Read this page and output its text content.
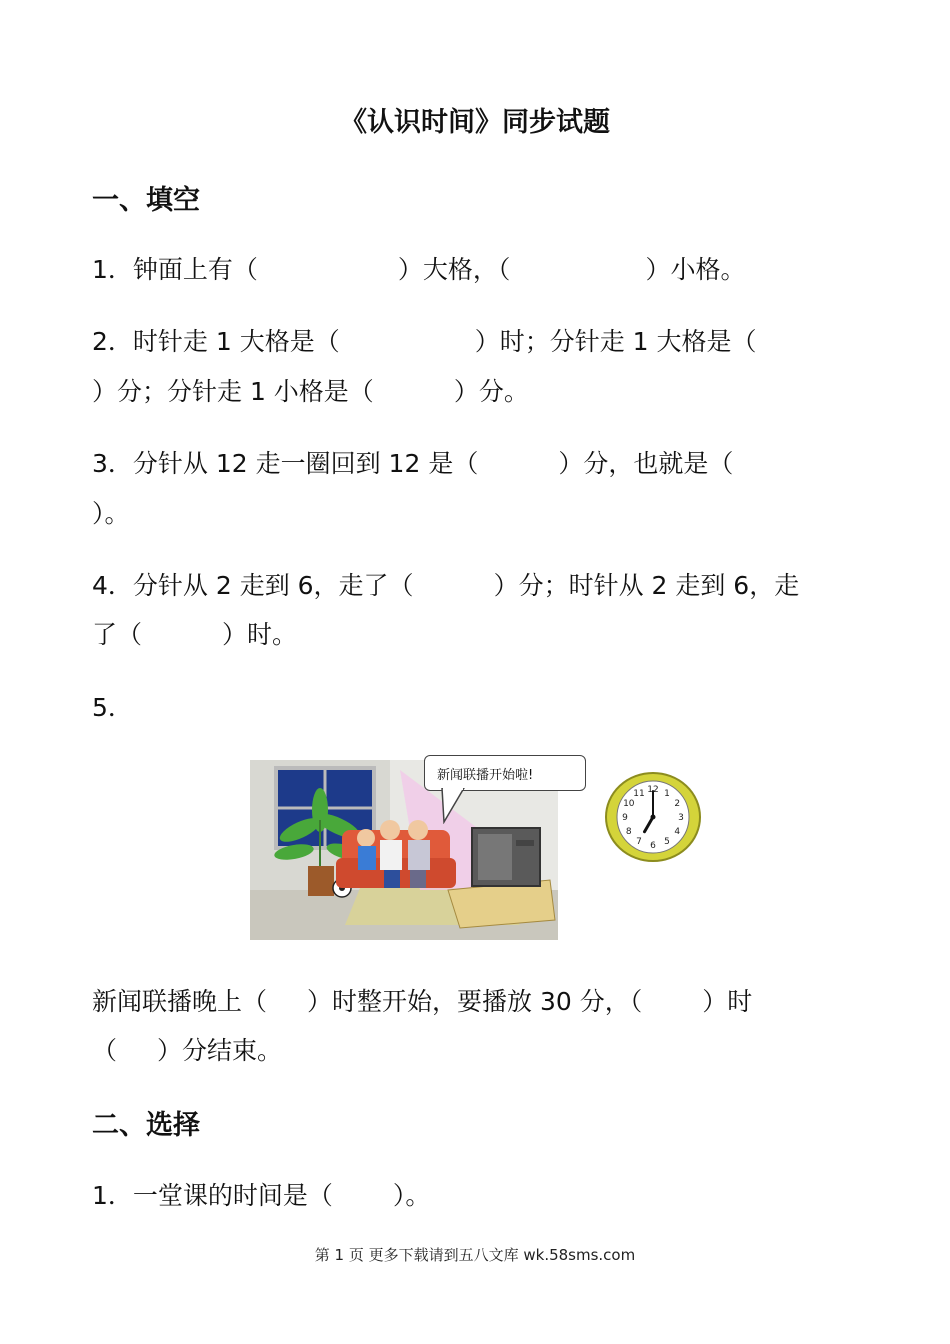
《认识时间》同步试题
一、填空
1．钟面上有（	）大格，（	）小格。
2．时针走 1 大格是（	）时；分针走 1 大格是（
）分；分针走 1 小格是（	）分。
3．分针从 12 走一圈回到 12 是（	）分，也就是（
）。
4．分针从 2 走到 6，走了（	）分；时针从 2 走到 6，走
了（	）时。
5．
新闻联播开始啦!
12 1
2
3
4
5
6
7
8
9
10
11
新闻联播晚上（ ）时整开始，要播放 30 分，（ ）时
（ ）分结束。
二、选择
1．一堂课的时间是（ ）。
第 1 页 更多下载请到五八文库 wk.58sms.com
